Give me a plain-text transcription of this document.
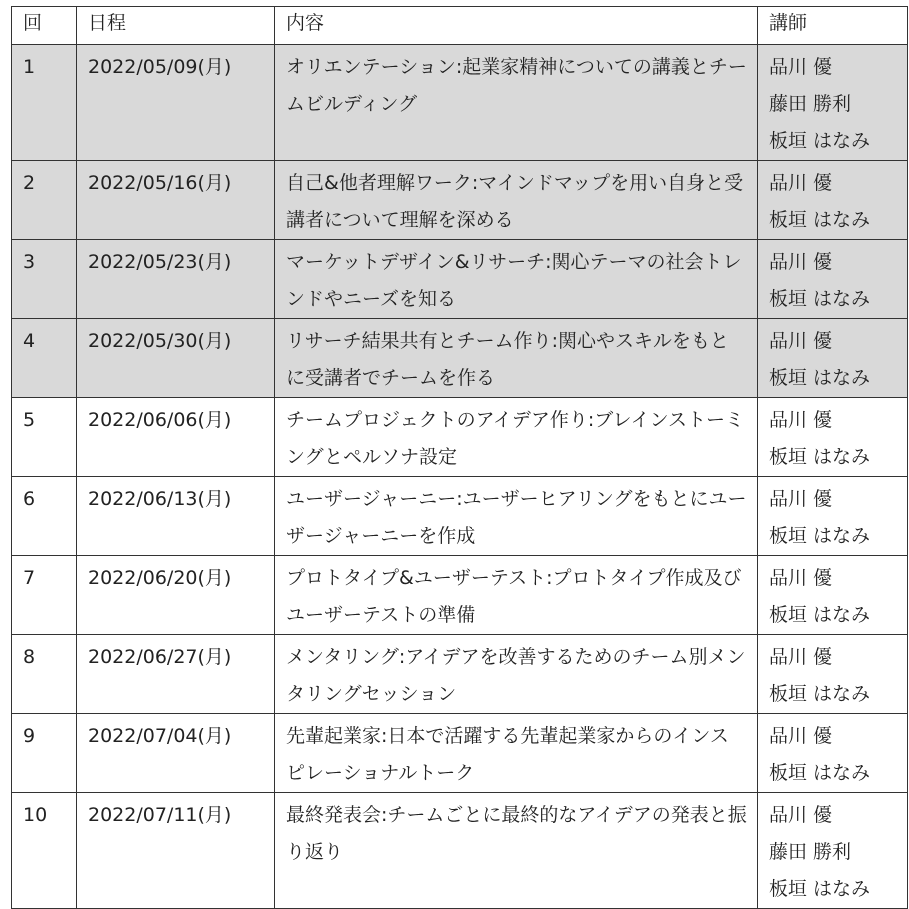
回	日程	内容	講師
1	2022/05/09(月)	オリエンテーション:起業家精神についての講義とチームビルディング	品川 優
藤田 勝利
板垣 はなみ

2	2022/05/16(月)	自己&他者理解ワーク:マインドマップを用い自身と受講者について理解を深める	品川 優
板垣 はなみ

3	2022/05/23(月)	マーケットデザイン&リサーチ:関心テーマの社会トレンドやニーズを知る	品川 優
板垣 はなみ

4	2022/05/30(月)	リサーチ結果共有とチーム作り:関心やスキルをもとに受講者でチームを作る	品川 優
板垣 はなみ

5	2022/06/06(月)	チームプロジェクトのアイデア作り:ブレインストーミングとペルソナ設定	品川 優
板垣 はなみ

6	2022/06/13(月)	ユーザージャーニー:ユーザーヒアリングをもとにユーザージャーニーを作成	品川 優
板垣 はなみ

7	2022/06/20(月)	プロトタイプ&ユーザーテスト:プロトタイプ作成及びユーザーテストの準備	品川 優
板垣 はなみ

8	2022/06/27(月)	メンタリング:アイデアを改善するためのチーム別メンタリングセッション	品川 優
板垣 はなみ

9	2022/07/04(月)	先輩起業家:日本で活躍する先輩起業家からのインスピレーショナルトーク	品川 優
板垣 はなみ

10	2022/07/11(月)	最終発表会:チームごとに最終的なアイデアの発表と振り返り	品川 優
藤田 勝利
板垣 はなみ
